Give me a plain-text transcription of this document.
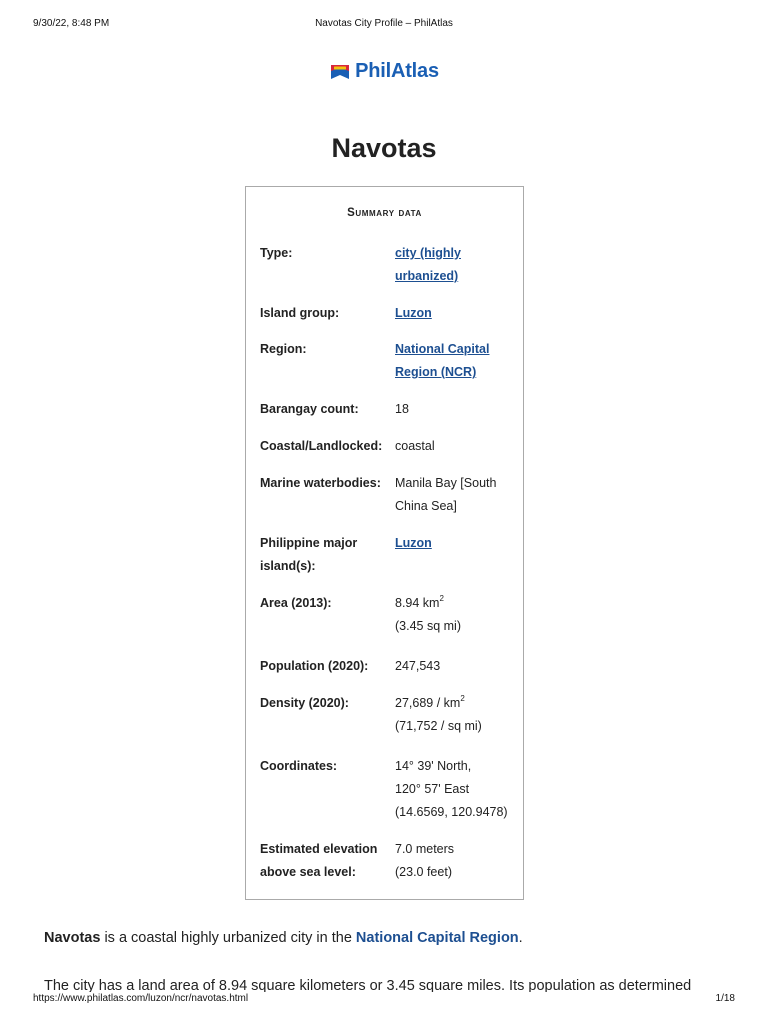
9/30/22, 8:48 PM	Navotas City Profile – PhilAtlas
PhilAtlas
Navotas
Summary data
Type:	city (highly
urbanized)
Island group:	Luzon
Region:	National Capital
Region (NCR)
Barangay count:	18
Coastal/Landlocked: coastal
Marine waterbodies:	Manila Bay [South
China Sea]
Philippine major island(s):
Luzon
Area (2013):	8.94 $km^2$
(3.45 sq mi)
Population (2020):	247,543
Density (2020):	$27,689 / km^2$
(71,752 / sq mi)
Coordinates:	14° 39' North,
120° 57' East
(14.6569, 120.9478)
Estimated elevation above sea level:
7.0 meters
(23.0 feet)

Navotas is a coastal highly urbanized city in the National Capital Region.

The city has a land area of 8.94 square kilometers or 3.45 square miles. Its population as determined
https://www.philatlas.com/luzon/ncr/navotas.html	1/18
